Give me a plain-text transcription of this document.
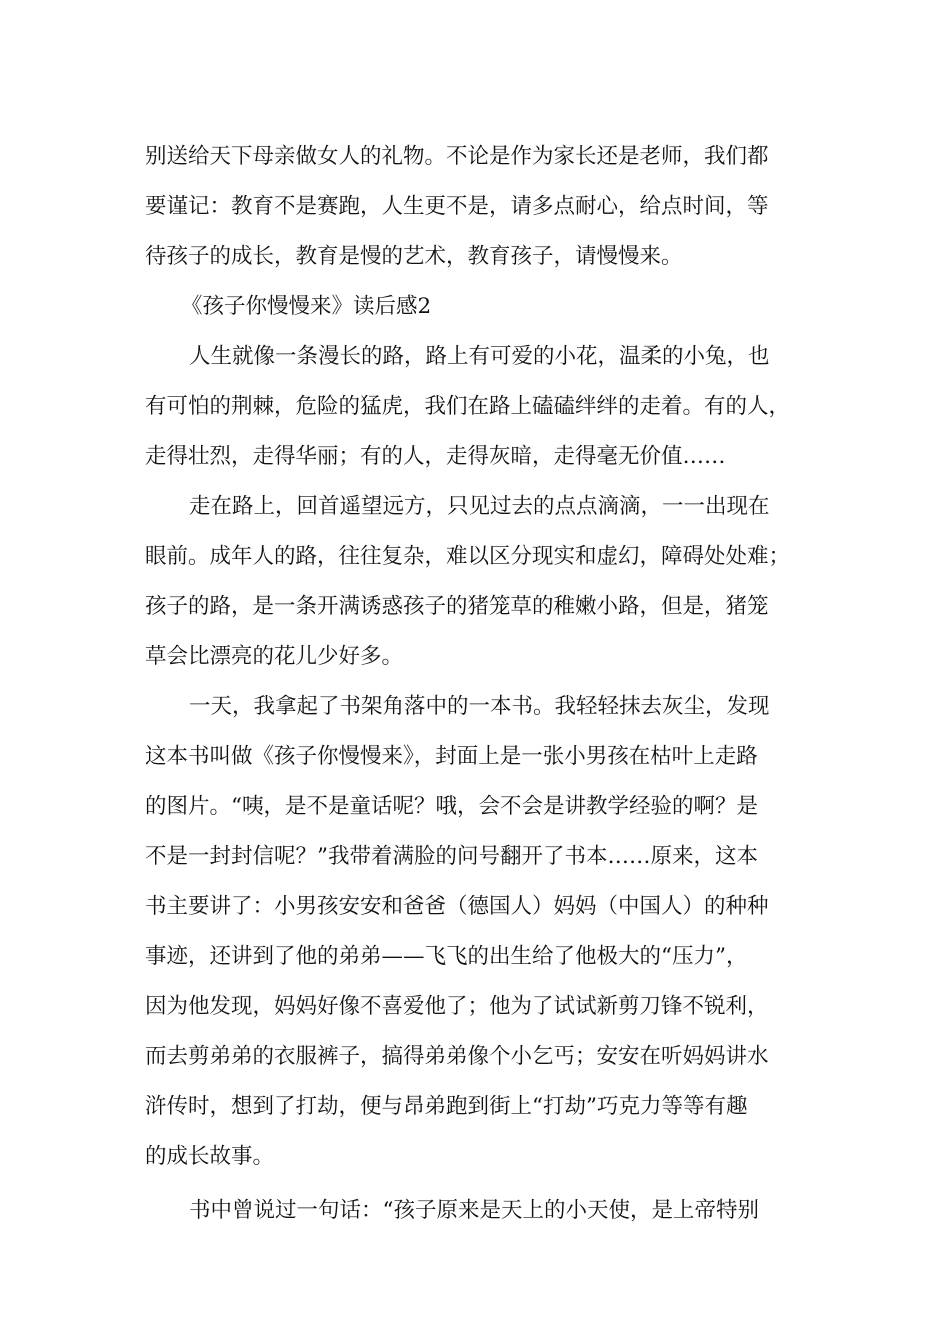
别送给天下母亲做女人的礼物。不论是作为家长还是老师，我们都
要谨记：教育不是赛跑，人生更不是，请多点耐心，给点时间，等
待孩子的成长，教育是慢的艺术，教育孩子，请慢慢来。
《孩子你慢慢来》读后感2
人生就像一条漫长的路，路上有可爱的小花，温柔的小兔，也
有可怕的荆棘，危险的猛虎，我们在路上磕磕绊绊的走着。有的人，
走得壮烈，走得华丽；有的人，走得灰暗，走得毫无价值……
走在路上，回首遥望远方，只见过去的点点滴滴，一一出现在
眼前。成年人的路，往往复杂，难以区分现实和虚幻，障碍处处难；
孩子的路，是一条开满诱惑孩子的猪笼草的稚嫩小路，但是，猪笼
草会比漂亮的花儿少好多。
一天，我拿起了书架角落中的一本书。我轻轻抹去灰尘，发现
这本书叫做《孩子你慢慢来》，封面上是一张小男孩在枯叶上走路
的图片。“咦，是不是童话呢？哦，会不会是讲教学经验的啊？是
不是一封封信呢？”我带着满脸的问号翻开了书本……原来，这本
书主要讲了：小男孩安安和爸爸（德国人）妈妈（中国人）的种种
事迹，还讲到了他的弟弟——飞飞的出生给了他极大的“压力”，
因为他发现，妈妈好像不喜爱他了；他为了试试新剪刀锋不锐利，
而去剪弟弟的衣服裤子，搞得弟弟像个小乞丐；安安在听妈妈讲水
浒传时，想到了打劫，便与昂弟跑到街上“打劫”巧克力等等有趣
的成长故事。
书中曾说过一句话：“孩子原来是天上的小天使，是上帝特别
